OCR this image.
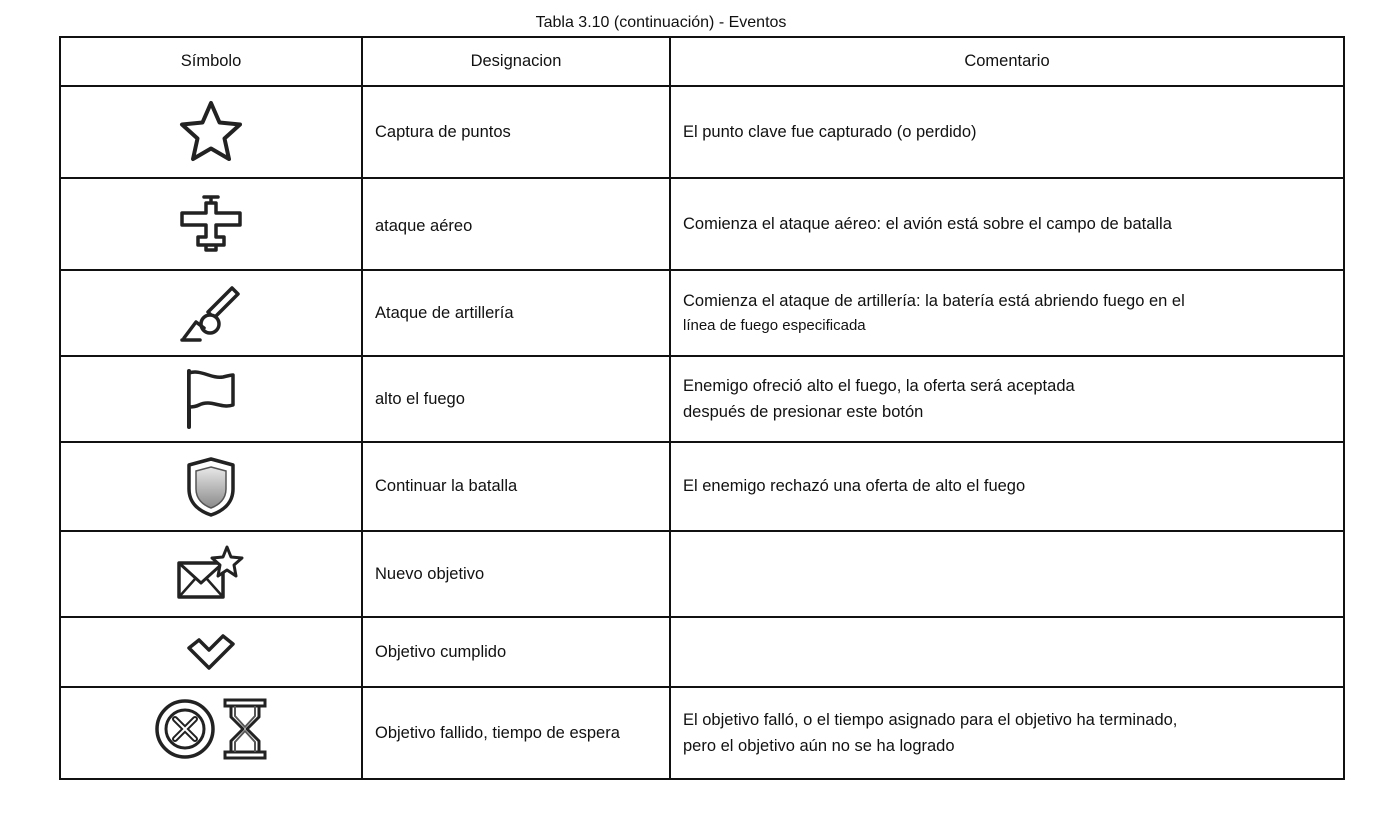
Tabla 3.10 (continuación) - Eventos
Símbolo	Designacion	Comentario

	Captura de puntos	El punto clave fue capturado (o perdido)

	ataque aéreo	Comienza el ataque aéreo: el avión está sobre el campo de batalla

	Ataque de artillería	Comienza el ataque de artillería: la batería está abriendo fuego en el
línea de fuego especificada

	alto el fuego	Enemigo ofreció alto el fuego, la oferta será aceptada
después de presionar este botón

	Continuar la batalla	El enemigo rechazó una oferta de alto el fuego

	Nuevo objetivo	

	Objetivo cumplido	

	Objetivo fallido, tiempo de espera	El objetivo falló, o el tiempo asignado para el objetivo ha terminado,
pero el objetivo aún no se ha logrado
